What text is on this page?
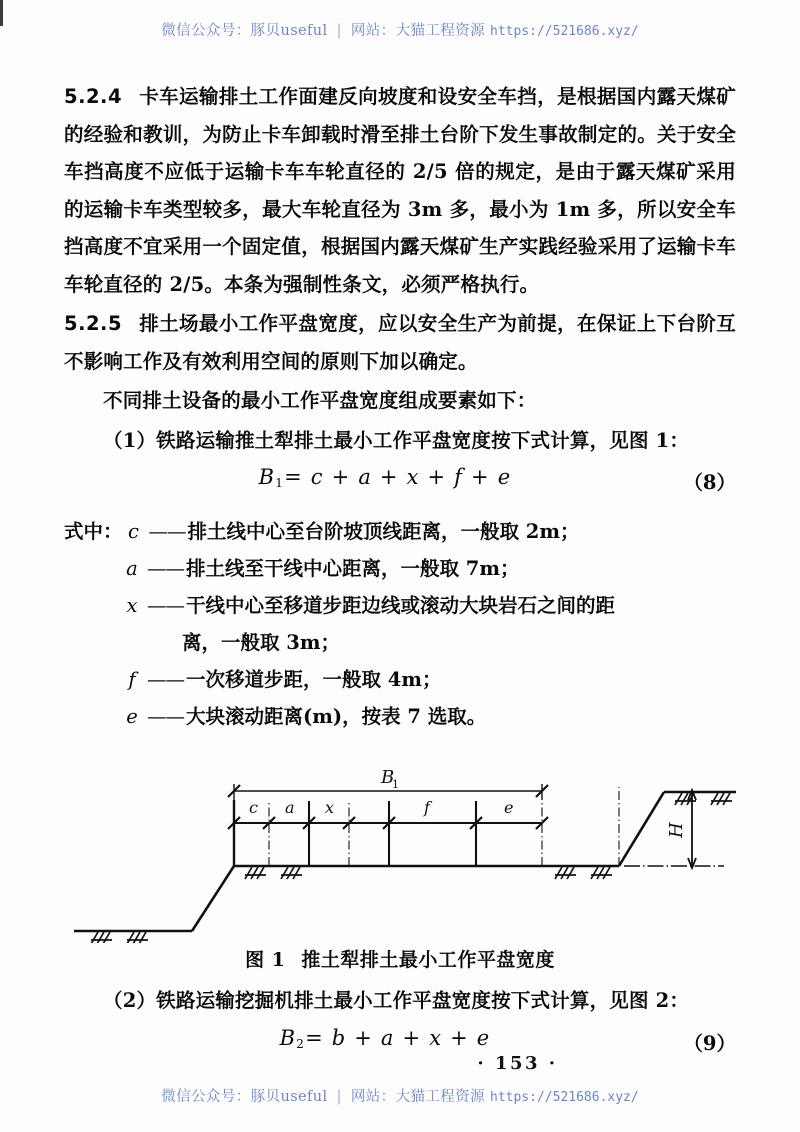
微信公众号：豚贝useful | 网站：大猫工程资源 https://521686.xyz/

5.2.4 卡车运输排土工作面建反向坡度和设安全车挡，是根据国内露天煤矿的经验和教训，为防止卡车卸载时滑至排土台阶下发生事故制定的。关于安全车挡高度不应低于运输卡车车轮直径的 2/5 倍的规定，是由于露天煤矿采用的运输卡车类型较多，最大车轮直径为 3m 多，最小为 1m 多，所以安全车挡高度不宜采用一个固定值，根据国内露天煤矿生产实践经验采用了运输卡车车轮直径的 2/5。本条为强制性条文，必须严格执行。

5.2.5 排土场最小工作平盘宽度，应以安全生产为前提，在保证上下台阶互不影响工作及有效利用空间的原则下加以确定。

不同排土设备的最小工作平盘宽度组成要素如下：

（1）铁路运输推土犁排土最小工作平盘宽度按下式计算，见图 1：

$B_1= c + a + x + f + e$	（8）
式中： c —— 排土线中心至台阶坡顶线距离，一般取 2m；
a —— 排土线至干线中心距离，一般取 7m；
x —— 干线中心至移道步距边线或滚动大块岩石之间的距
离，一般取 3m；
f —— 一次移道步距，一般取 4m；
e —— 大块滚动距离(m)，按表 7 选取。
B
1
c a x	f	e
H
图 1 推土犁排土最小工作平盘宽度

（2）铁路运输挖掘机排土最小工作平盘宽度按下式计算，见图 2：

$B_2= b + a + x + e$	（9）
· 153 ·
微信公众号：豚贝useful | 网站：大猫工程资源 https://521686.xyz/
